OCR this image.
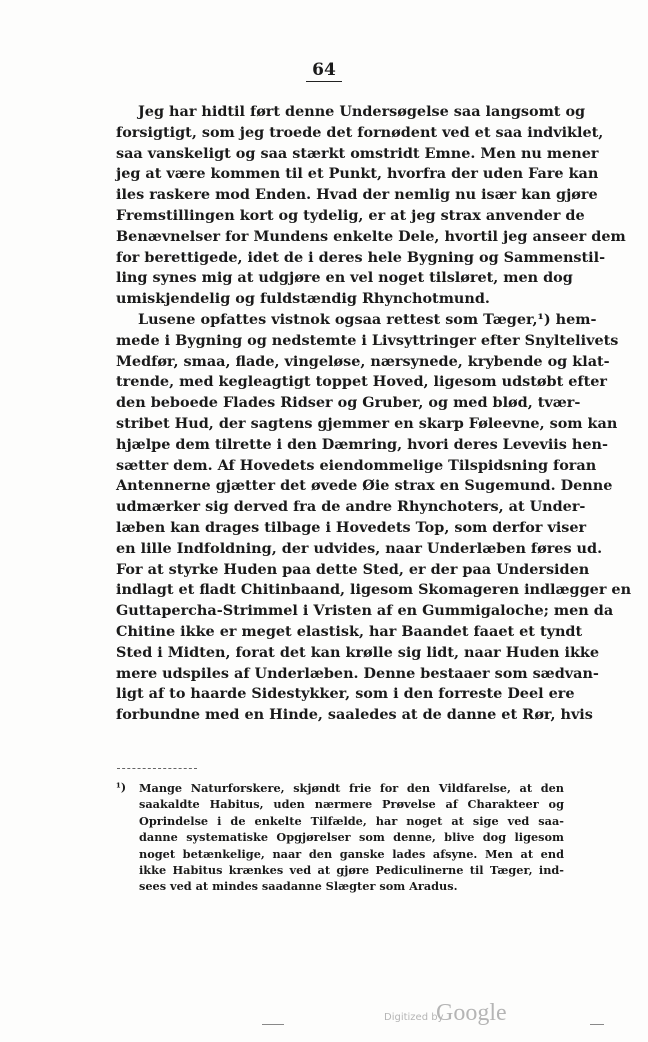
64
Jeg har hidtil ført denne Undersøgelse saa langsomt og
forsigtigt, som jeg troede det fornødent ved et saa indviklet,
saa vanskeligt og saa stærkt omstridt Emne. Men nu mener
jeg at være kommen til et Punkt, hvorfra der uden Fare kan
iles raskere mod Enden. Hvad der nemlig nu især kan gjøre
Fremstillingen kort og tydelig, er at jeg strax anvender de
Benævnelser for Mundens enkelte Dele, hvortil jeg anseer dem
for berettigede, idet de i deres hele Bygning og Sammenstil-
ling synes mig at udgjøre en vel noget tilsløret, men dog
umiskjendelig og fuldstændig Rhynchotmund.
Lusene opfattes vistnok ogsaa rettest som Tæger,¹) hem-
mede i Bygning og nedstemte i Livsyttringer efter Snyltelivets
Medfør, smaa, flade, vingeløse, nærsynede, krybende og klat-
trende, med kegleagtigt toppet Hoved, ligesom udstøbt efter
den beboede Flades Ridser og Gruber, og med blød, tvær-
stribet Hud, der sagtens gjemmer en skarp Føleevne, som kan
hjælpe dem tilrette i den Dæmring, hvori deres Leveviis hen-
sætter dem. Af Hovedets eiendommelige Tilspidsning foran
Antennerne gjætter det øvede Øie strax en Sugemund. Denne
udmærker sig derved fra de andre Rhynchoters, at Under-
læben kan drages tilbage i Hovedets Top, som derfor viser
en lille Indfoldning, der udvides, naar Underlæben føres ud.
For at styrke Huden paa dette Sted, er der paa Undersiden
indlagt et fladt Chitinbaand, ligesom Skomageren indlægger en
Guttapercha-Strimmel i Vristen af en Gummigaloche; men da
Chitine ikke er meget elastisk, har Baandet faaet et tyndt
Sted i Midten, forat det kan krølle sig lidt, naar Huden ikke
mere udspiles af Underlæben. Denne bestaaer som sædvan-
ligt af to haarde Sidestykker, som i den forreste Deel ere
forbundne med en Hinde, saaledes at de danne et Rør, hvis
¹)	Mange Naturforskere, skjøndt frie for den Vildfarelse, at den
saakaldte Habitus, uden nærmere Prøvelse af Charakteer og
Oprindelse i de enkelte Tilfælde, har noget at sige ved saa-
danne systematiske Opgjørelser som denne, blive dog ligesom
noget betænkelige, naar den ganske lades afsyne. Men at end
ikke Habitus krænkes ved at gjøre Pediculinerne til Tæger, ind-
sees ved at mindes saadanne Slægter som Aradus.
Digitized by
Google
